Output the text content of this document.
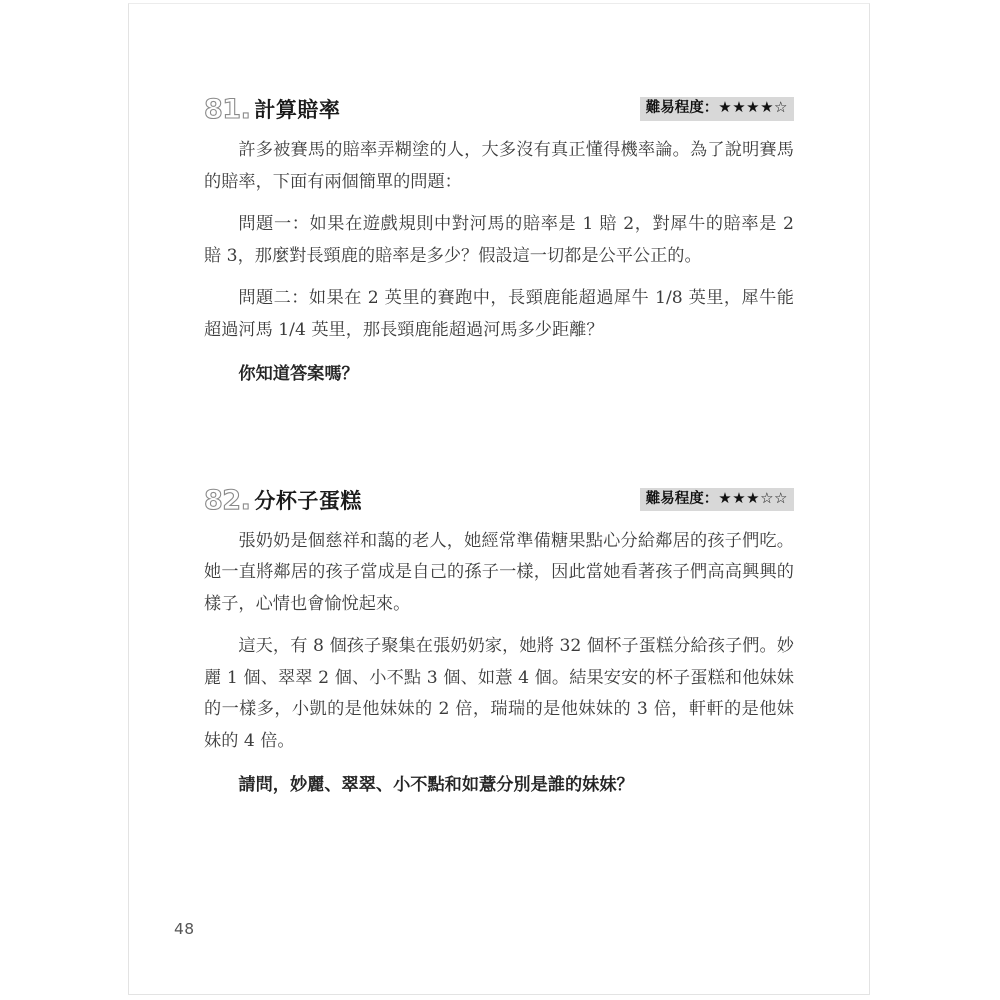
81. 計算賠率	難易程度：★★★★☆

許多被賽馬的賠率弄糊塗的人，大多沒有真正懂得機率論。為了說明賽馬的賠率，下面有兩個簡單的問題：

問題一：如果在遊戲規則中對河馬的賠率是 1 賠 2，對犀牛的賠率是 2 賠 3，那麼對長頸鹿的賠率是多少？假設這一切都是公平公正的。

問題二：如果在 2 英里的賽跑中，長頸鹿能超過犀牛 1/8 英里，犀牛能超過河馬 1/4 英里，那長頸鹿能超過河馬多少距離？

你知道答案嗎？

82. 分杯子蛋糕	難易程度：★★★☆☆

張奶奶是個慈祥和藹的老人，她經常準備糖果點心分給鄰居的孩子們吃。她一直將鄰居的孩子當成是自己的孫子一樣，因此當她看著孩子們高高興興的樣子，心情也會愉悅起來。

這天，有 8 個孩子聚集在張奶奶家，她將 32 個杯子蛋糕分給孩子們。妙麗 1 個、翠翠 2 個、小不點 3 個、如薏 4 個。結果安安的杯子蛋糕和他妹妹的一樣多，小凱的是他妹妹的 2 倍，瑞瑞的是他妹妹的 3 倍，軒軒的是他妹妹的 4 倍。

請問，妙麗、翠翠、小不點和如薏分別是誰的妹妹？

48
